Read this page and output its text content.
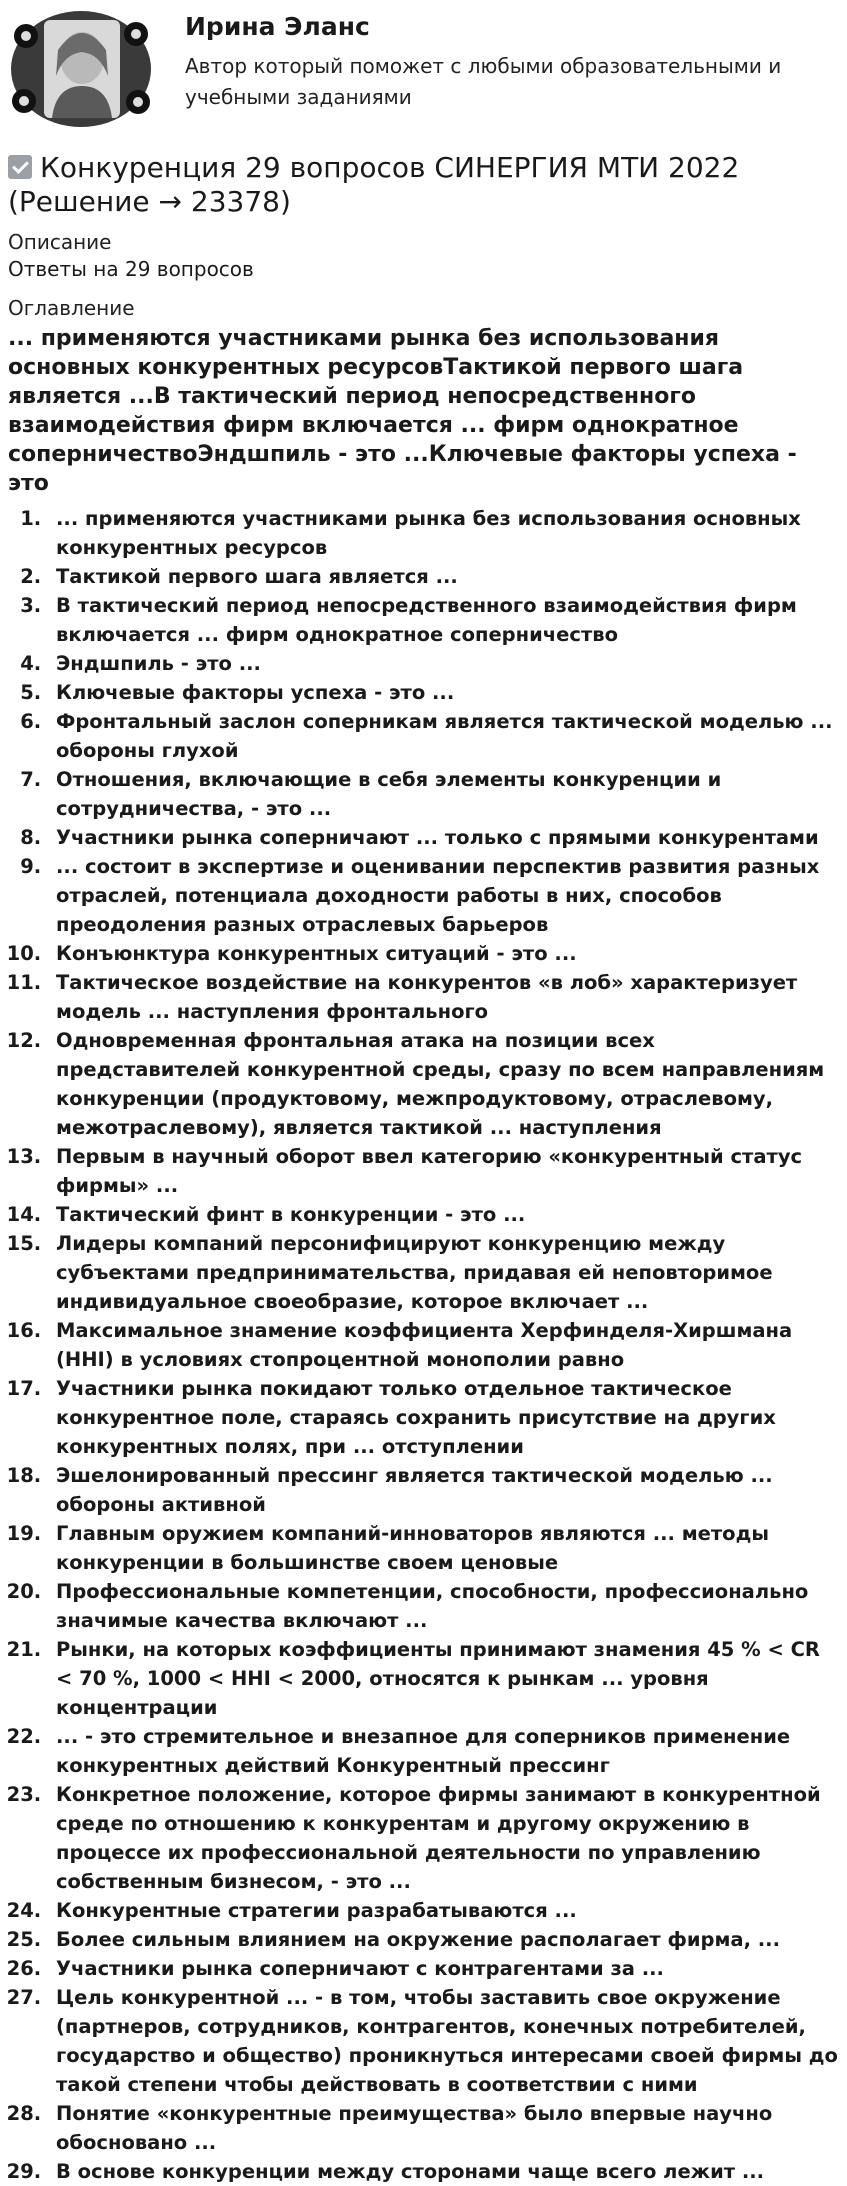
Ирина Эланс

Автор который поможет с любыми образовательными и учебными заданиями

Конкуренция 29 вопросов СИНЕРГИЯ МТИ 2022 (Решение → 23378)

Описание

Ответы на 29 вопросов

Оглавление

... применяются участниками рынка без использования основных конкурентных ресурсовТактикой первого шага является ...В тактический период непосредственного взаимодействия фирм включается ... фирм однократное соперничествоЭндшпиль - это ...Ключевые факторы успеха - это
1. ... применяются участниками рынка без использования основных конкурентных ресурсов
2. Тактикой первого шага является ...
3. В тактический период непосредственного взаимодействия фирм включается ... фирм однократное соперничество
4. Эндшпиль - это ...
5. Ключевые факторы успеха - это ...
6. Фронтальный заслон соперникам является тактической моделью ... обороны глухой
7. Отношения, включающие в себя элементы конкуренции и сотрудничества, - это ...
8. Участники рынка соперничают ... только с прямыми конкурентами
9. ... состоит в экспертизе и оценивании перспектив развития разных отраслей, потенциала доходности работы в них, способов преодоления разных отраслевых барьеров
10. Конъюнктура конкурентных ситуаций - это ...
11. Тактическое воздействие на конкурентов «в лоб» характеризует модель ... наступления фронтального
12. Одновременная фронтальная атака на позиции всех представителей конкурентной среды, сразу по всем направлениям конкуренции (продуктовому, межпродуктовому, отраслевому, межотраслевому), является тактикой ... наступления
13. Первым в научный оборот ввел категорию «конкурентный статус фирмы» ...
14. Тактический финт в конкуренции - это ...
15. Лидеры компаний персонифицируют конкуренцию между субъектами предпринимательства, придавая ей неповторимое индивидуальное своеобразие, которое включает ...
16. Максимальное знамение коэффициента Херфинделя-Хиршмана (HHI) в условиях стопроцентной монополии равно
17. Участники рынка покидают только отдельное тактическое конкурентное поле, стараясь сохранить присутствие на других конкурентных полях, при ... отступлении
18. Эшелонированный прессинг является тактической моделью ... обороны активной
19. Главным оружием компаний-инноваторов являются ... методы конкуренции в большинстве своем ценовые
20. Профессиональные компетенции, способности, профессионально значимые качества включают ...
21. Рынки, на которых коэффициенты принимают знамения 45 % < CR < 70 %, 1000 < HHI < 2000, относятся к рынкам ... уровня концентрации
22. ... - это стремительное и внезапное для соперников применение конкурентных действий Конкурентный прессинг
23. Конкретное положение, которое фирмы занимают в конкурентной среде по отношению к конкурентам и другому окружению в процессе их профессиональной деятельности по управлению собственным бизнесом, - это ...
24. Конкурентные стратегии разрабатываются ...
25. Более сильным влиянием на окружение располагает фирма, ...
26. Участники рынка соперничают с контрагентами за ...
27. Цель конкурентной ... - в том, чтобы заставить свое окружение (партнеров, сотрудников, контрагентов, конечных потребителей, государство и общество) проникнуться интересами своей фирмы до такой степени чтобы действовать в соответствии с ними
28. Понятие «конкурентные преимущества» было впервые научно обосновано ...
29. В основе конкуренции между сторонами чаще всего лежит ...
